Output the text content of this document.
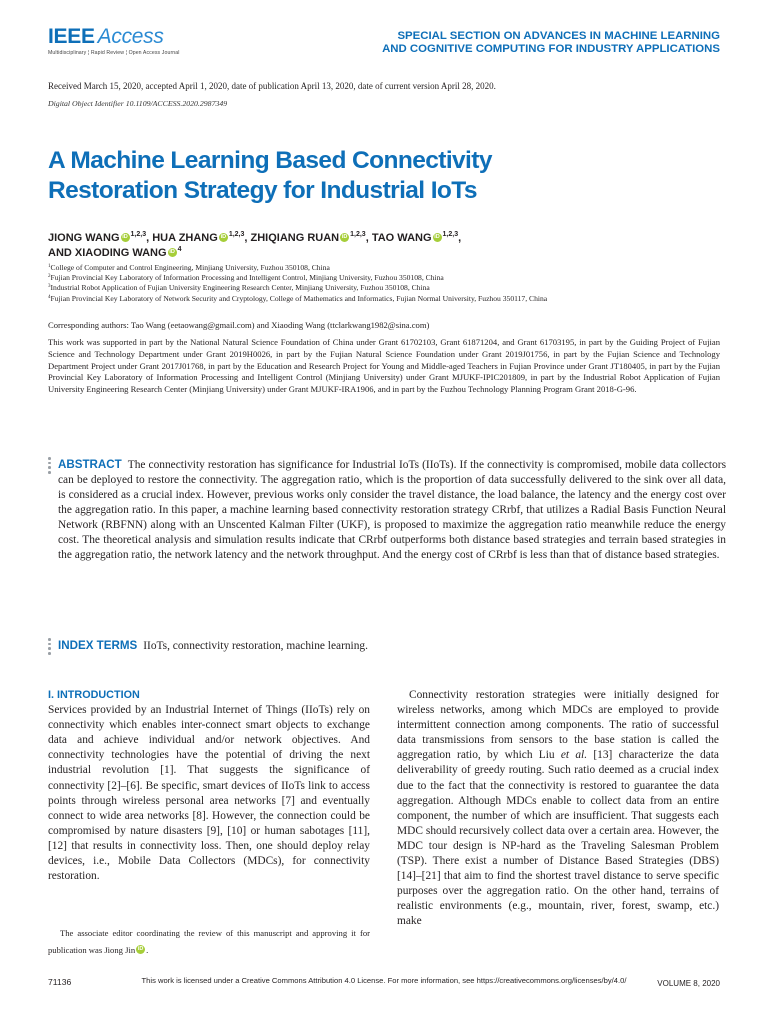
IEEE Access
Multidisciplinary ¦ Rapid Review ¦ Open Access Journal
SPECIAL SECTION ON ADVANCES IN MACHINE LEARNING
AND COGNITIVE COMPUTING FOR INDUSTRY APPLICATIONS
Received March 15, 2020, accepted April 1, 2020, date of publication April 13, 2020, date of current version April 28, 2020.
Digital Object Identifier 10.1109/ACCESS.2020.2987349
A Machine Learning Based Connectivity
Restoration Strategy for Industrial IoTs
JIONG WANG iD $^{1,2,3}$, HUA ZHANG iD $^{1,2,3}$, ZHIQIANG RUAN iD $^{1,2,3}$, TAO WANG iD $^{1,2,3}$,
AND XIAODING WANG iD $^4$
$^1$College of Computer and Control Engineering, Minjiang University, Fuzhou 350108, China
$^2$Fujian Provincial Key Laboratory of Information Processing and Intelligent Control, Minjiang University, Fuzhou 350108, China
$^3$Industrial Robot Application of Fujian University Engineering Research Center, Minjiang University, Fuzhou 350108, China
$^4$Fujian Provincial Key Laboratory of Network Security and Cryptology, College of Mathematics and Informatics, Fujian Normal University, Fuzhou 350117, China
Corresponding authors: Tao Wang (eetaowang@gmail.com) and Xiaoding Wang (ttclarkwang1982@sina.com)
This work was supported in part by the National Natural Science Foundation of China under Grant 61702103, Grant 61871204, and Grant 61703195, in part by the Guiding Project of Fujian Science and Technology Department under Grant 2019H0026, in part by the Fujian Natural Science Foundation under Grant 2019J01756, in part by the Fujian Science and Technology Department Project under Grant 2017J01768, in part by the Education and Research Project for Young and Middle-aged Teachers in Fujian Province under Grant JT180405, in part by the Fujian Provincial Key Laboratory of Information Processing and Intelligent Control (Minjiang University) under Grant MJUKF-IPIC201809, in part by the Industrial Robot Application of Fujian University Engineering Research Center (Minjiang University) under Grant MJUKF-IRA1906, and in part by the Fuzhou Technology Planning Program Grant 2018-G-96.
ABSTRACT The connectivity restoration has significance for Industrial IoTs (IIoTs). If the connectivity is compromised, mobile data collectors can be deployed to restore the connectivity. The aggregation ratio, which is the proportion of data successfully delivered to the sink over all data, is considered as a crucial index. However, previous works only consider the travel distance, the load balance, the latency and the energy cost over the aggregation ratio. In this paper, a machine learning based connectivity restoration strategy CRrbf, that utilizes a Radial Basis Function Neural Network (RBFNN) along with an Unscented Kalman Filter (UKF), is proposed to maximize the aggregation ratio meanwhile reduce the energy cost. The theoretical analysis and simulation results indicate that CRrbf outperforms both distance based strategies and terrain based strategies in the aggregation ratio, the network latency and the network throughput. And the energy cost of CRrbf is less than that of distance based strategies.
INDEX TERMS IIoTs, connectivity restoration, machine learning.
I. INTRODUCTION
Services provided by an Industrial Internet of Things (IIoTs) rely on connectivity which enables inter-connect smart objects to exchange data and achieve individual and/or network objectives. And connectivity technologies have the potential of driving the next industrial revolution [1]. That suggests the significance of connectivity [2]–[6]. Be specific, smart devices of IIoTs link to access points through wireless personal area networks [7] and eventually connect to wide area networks [8]. However, the connection could be compromised by nature disasters [9], [10] or human sabotages [11], [12] that results in connectivity loss. Then, one should deploy relay devices, i.e., Mobile Data Collectors (MDCs), for connectivity restoration.
Connectivity restoration strategies were initially designed for wireless networks, among which MDCs are employed to provide intermittent connection among components. The ratio of successful data transmissions from sensors to the base station is called the aggregation ratio, by which Liu et al. [13] characterize the data deliverability of greedy routing. Such ratio deemed as a crucial index due to the fact that the connectivity is restored to guarantee the data aggregation. Although MDCs enable to collect data from an entire component, the number of which are insufficient. That suggests each MDC should recursively collect data over a certain area. However, the MDC tour design is NP-hard as the Traveling Salesman Problem (TSP). There exist a number of Distance Based Strategies (DBS) [14]–[21] that aim to find the shortest travel distance to serve specific purposes over the aggregation ratio. On the other hand, terrains of realistic environments (e.g., mountain, river, forest, swamp, etc.) make
The associate editor coordinating the review of this manuscript and approving it for publication was Jiong Jin iD .
71136	This work is licensed under a Creative Commons Attribution 4.0 License. For more information, see https://creativecommons.org/licenses/by/4.0/	VOLUME 8, 2020
